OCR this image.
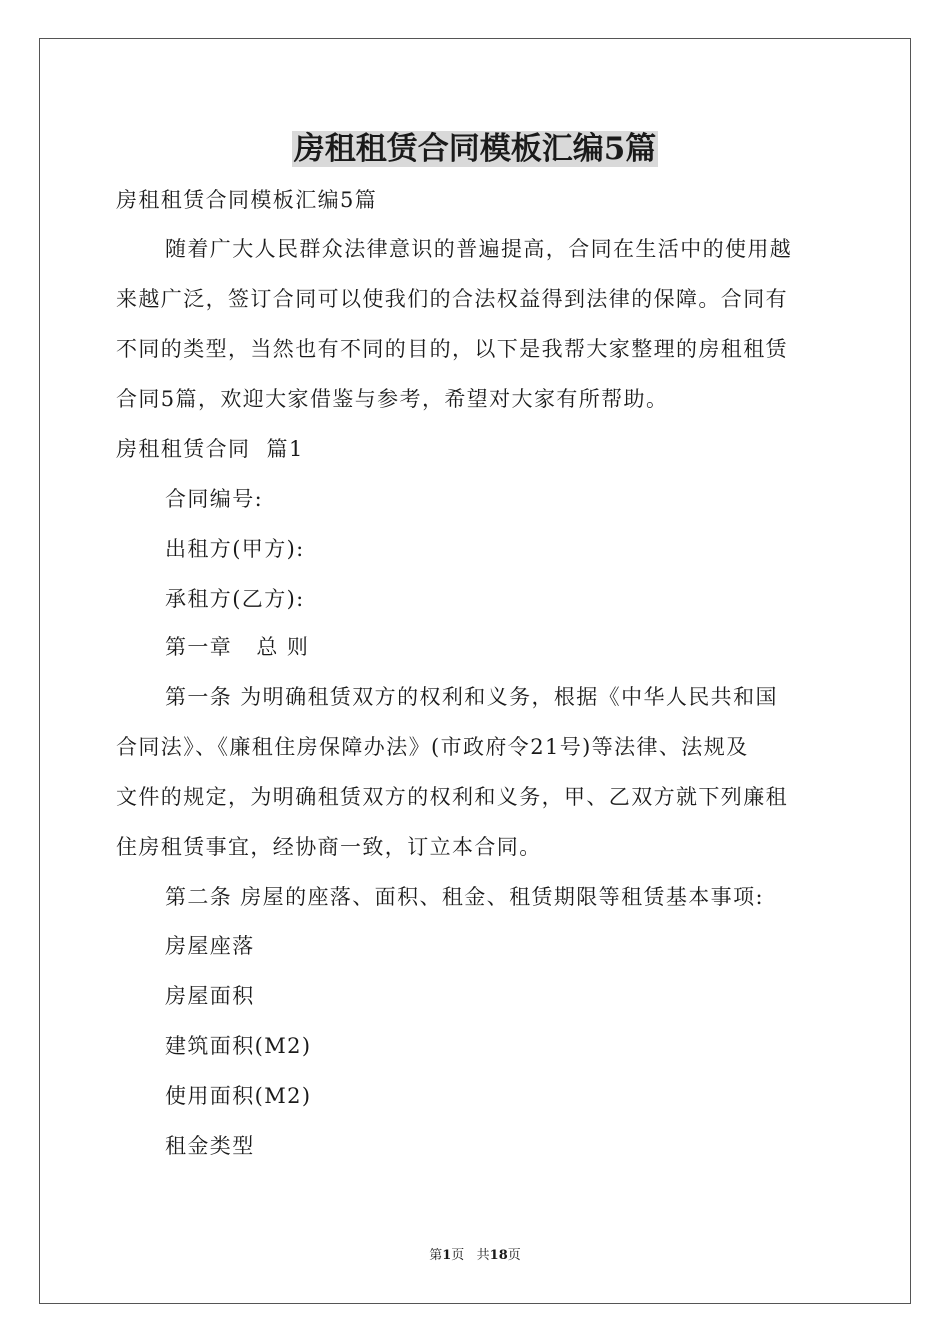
房租租赁合同模板汇编5篇

房租租赁合同模板汇编5篇

随着广大人民群众法律意识的普遍提高，合同在生活中的使用越

来越广泛，签订合同可以使我们的合法权益得到法律的保障。合同有

不同的类型，当然也有不同的目的，以下是我帮大家整理的房租租赁

合同5篇，欢迎大家借鉴与参考，希望对大家有所帮助。

房租租赁合同  篇1

合同编号:

出租方(甲方):

承租方(乙方):

第一章   总 则

第一条 为明确租赁双方的权利和义务，根据《中华人民共和国

合同法》、《廉租住房保障办法》(市政府令21号)等法律、法规及

文件的规定，为明确租赁双方的权利和义务，甲、乙双方就下列廉租

住房租赁事宜，经协商一致，订立本合同。

第二条 房屋的座落、面积、租金、租赁期限等租赁基本事项:

房屋座落

房屋面积

建筑面积(M2)

使用面积(M2)

租金类型

第1页   共18页
